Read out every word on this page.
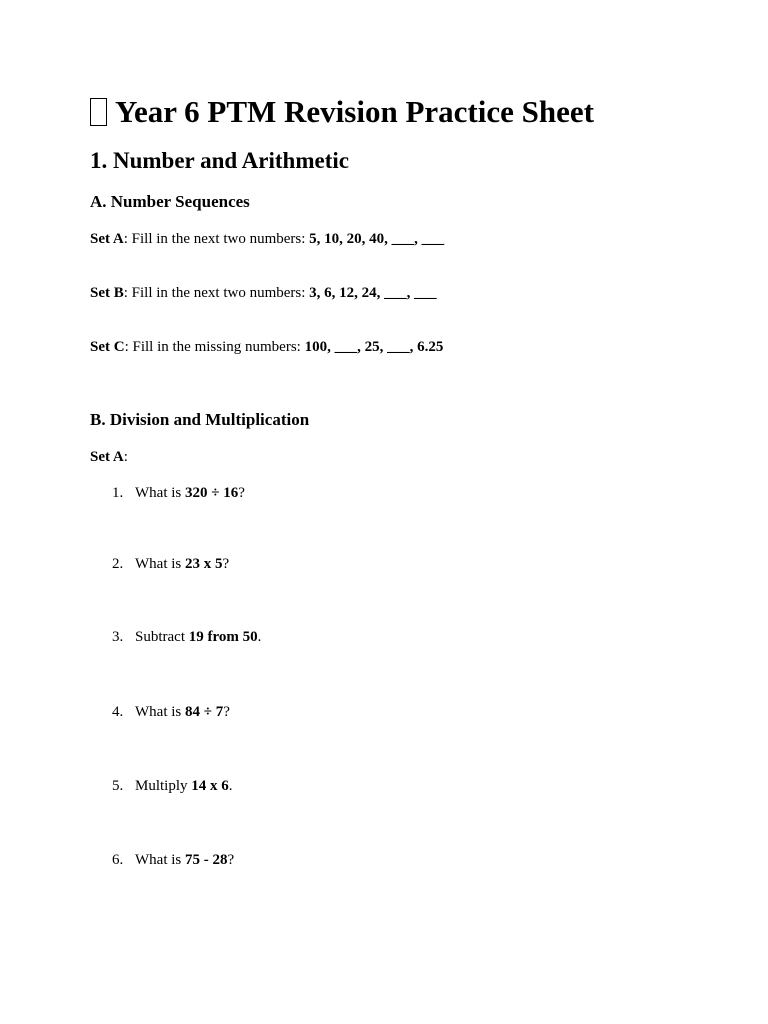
Year 6 PTM Revision Practice Sheet
1. Number and Arithmetic
A. Number Sequences

Set A: Fill in the next two numbers: 5, 10, 20, 40, ___, ___

Set B: Fill in the next two numbers: 3, 6, 12, 24, ___, ___

Set C: Fill in the missing numbers: 100, ___, 25, ___, 6.25

B. Division and Multiplication

Set A:

1. What is 320 ÷ 16?

2. What is 23 x 5?

3. Subtract 19 from 50.

4. What is 84 ÷ 7?

5. Multiply 14 x 6.

6. What is 75 - 28?
